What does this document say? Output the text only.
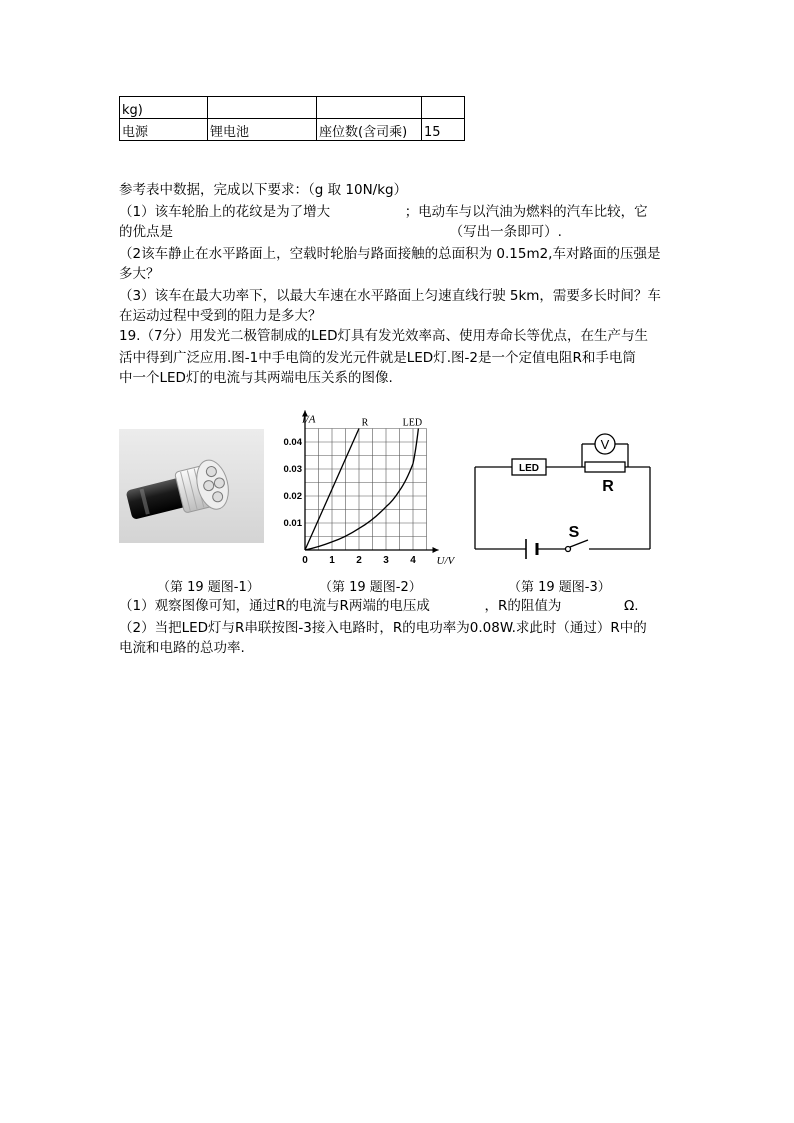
kg)			
电源	锂电池	座位数(含司乘)	15
参考表中数据，完成以下要求：（g 取 10N/kg）
（1）该车轮胎上的花纹是为了增大	；电动车与以汽油为燃料的汽车比较，它
的优点是	（写出一条即可）.
（2该车静止在水平路面上，空载时轮胎与路面接触的总面积为 0.15m2,车对路面的压强是
多大？
（3）该车在最大功率下，以最大车速在水平路面上匀速直线行驶 5km，需要多长时间？车
在运动过程中受到的阻力是多大？
19.（7分）用发光二极管制成的LED灯具有发光效率高、使用寿命长等优点，在生产与生
活中得到广泛应用.图-1中手电筒的发光元件就是LED灯.图-2是一个定值电阻R和手电筒
中一个LED灯的电流与其两端电压关系的图像.
0 1 2 3 4
0.01
0.02
0.03
0.04
I/A
U/V
R	LED
LED
V
R
S
（第 19 题图-1）	（第 19 题图-2）	（第 19 题图-3）
（1）观察图像可知，通过R的电流与R两端的电压成	，R的阻值为	Ω.
（2）当把LED灯与R串联按图-3接入电路时，R的电功率为0.08W.求此时（通过）R中的
电流和电路的总功率.
